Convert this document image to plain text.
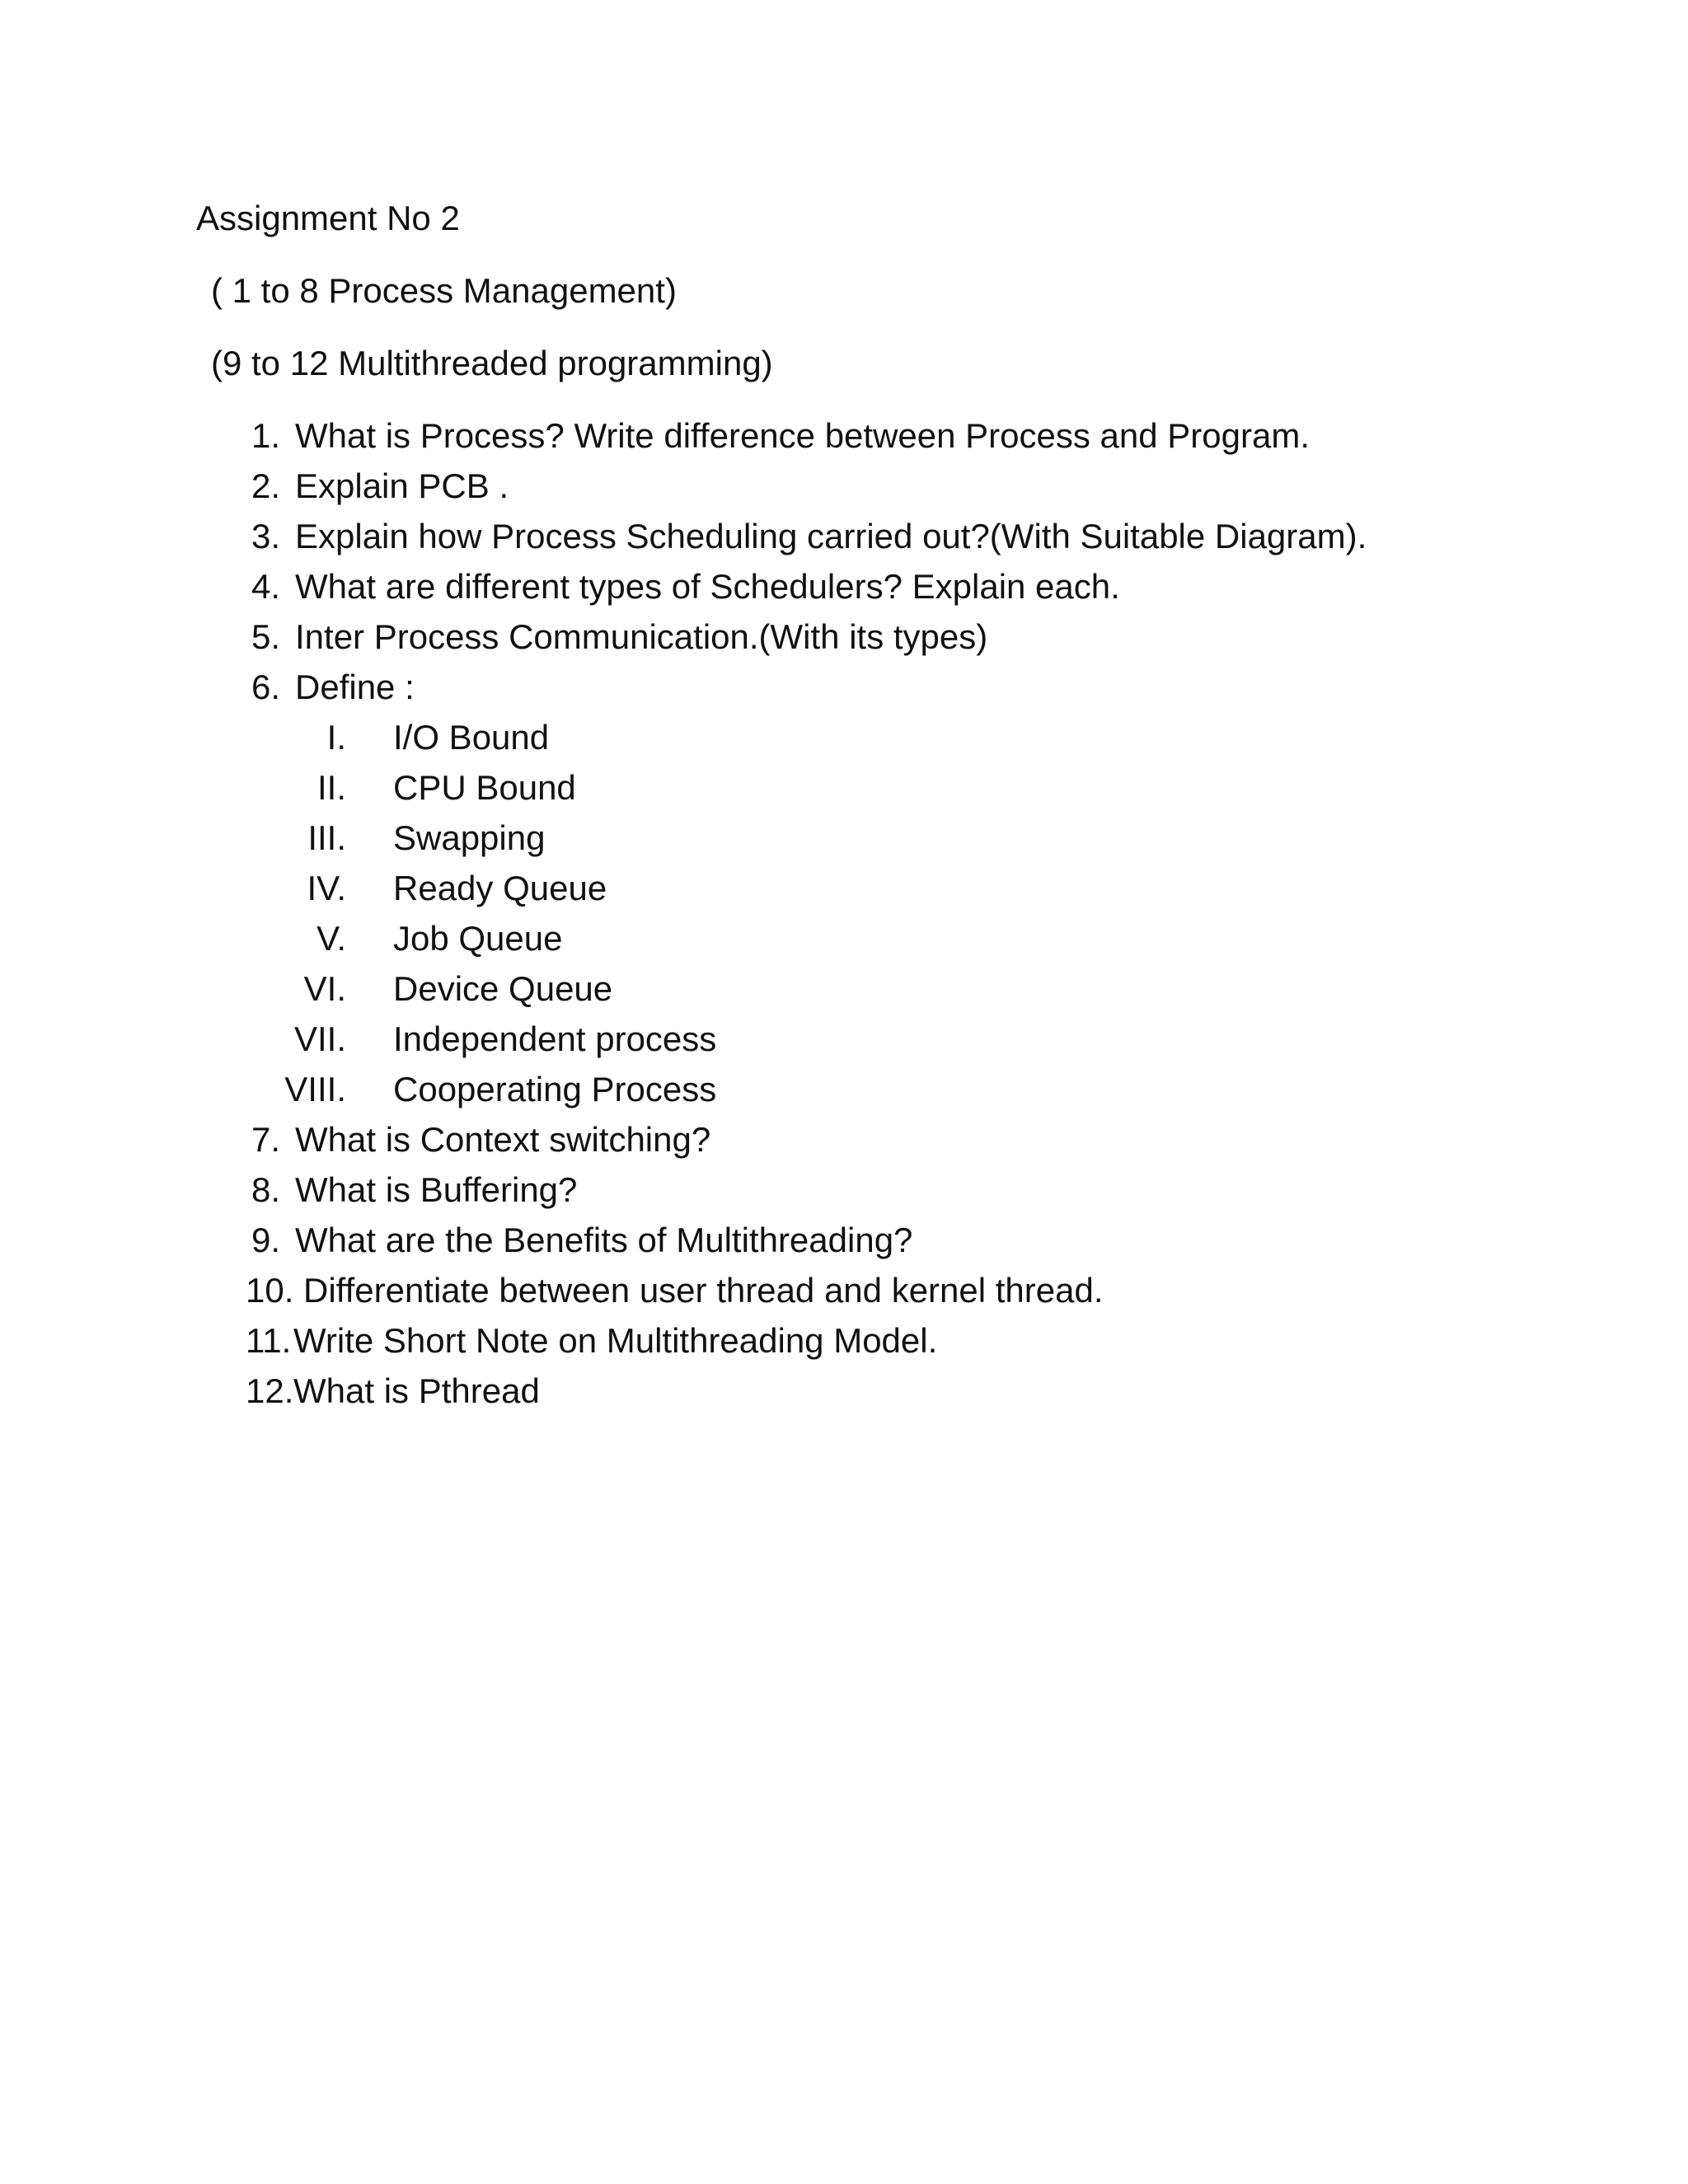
Assignment No 2
( 1 to 8 Process Management)
(9 to 12 Multithreaded programming)
1. What is Process? Write difference between Process and Program.
2. Explain PCB .
3. Explain how Process Scheduling carried out?(With Suitable Diagram).
4. What are different types of Schedulers? Explain each.
5. Inter Process Communication.(With its types)
6. Define :
I. I/O Bound
II. CPU Bound
III. Swapping
IV. Ready Queue
V. Job Queue
VI. Device Queue
VII. Independent process
VIII. Cooperating Process
7. What is Context switching?
8. What is Buffering?
9. What are the Benefits of Multithreading?
10. Differentiate between user thread and kernel thread.
11. Write Short Note on Multithreading Model.
12. What is Pthread
